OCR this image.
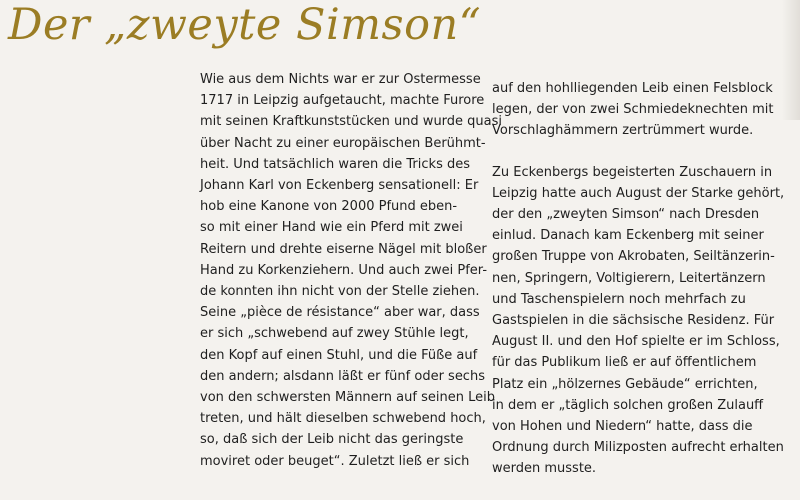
Der „zweyte Simson“

Wie aus dem Nichts war er zur Ostermesse
1717 in Leipzig aufgetaucht, machte Furore
mit seinen Kraftkunststücken und wurde quasi
über Nacht zu einer europäischen Berühmt-
heit. Und tatsächlich waren die Tricks des
Johann Karl von Eckenberg sensationell: Er
hob eine Kanone von 2000 Pfund eben-
so mit einer Hand wie ein Pferd mit zwei
Reitern und drehte eiserne Nägel mit bloßer
Hand zu Korkenziehern. Und auch zwei Pfer-
de konnten ihn nicht von der Stelle ziehen.
Seine „pièce de résistance“ aber war, dass
er sich „schwebend auf zwey Stühle legt,
den Kopf auf einen Stuhl, und die Füße auf
den andern; alsdann läßt er fünf oder sechs
von den schwersten Männern auf seinen Leib
treten, und hält dieselben schwebend hoch,
so, daß sich der Leib nicht das geringste
moviret oder beuget“. Zuletzt ließ er sich

auf den hohlliegenden Leib einen Felsblock
legen, der von zwei Schmiedeknechten mit
Vorschlaghämmern zertrümmert wurde.

Zu Eckenbergs begeisterten Zuschauern in
Leipzig hatte auch August der Starke gehört,
der den „zweyten Simson“ nach Dresden
einlud. Danach kam Eckenberg mit seiner
großen Truppe von Akrobaten, Seiltänzerin-
nen, Springern, Voltigierern, Leitertänzern
und Taschenspielern noch mehrfach zu
Gastspielen in die sächsische Residenz. Für
August II. und den Hof spielte er im Schloss,
für das Publikum ließ er auf öffentlichem
Platz ein „hölzernes Gebäude“ errichten,
in dem er „täglich solchen großen Zulauff
von Hohen und Niedern“ hatte, dass die
Ordnung durch Milizposten aufrecht erhalten
werden musste.
